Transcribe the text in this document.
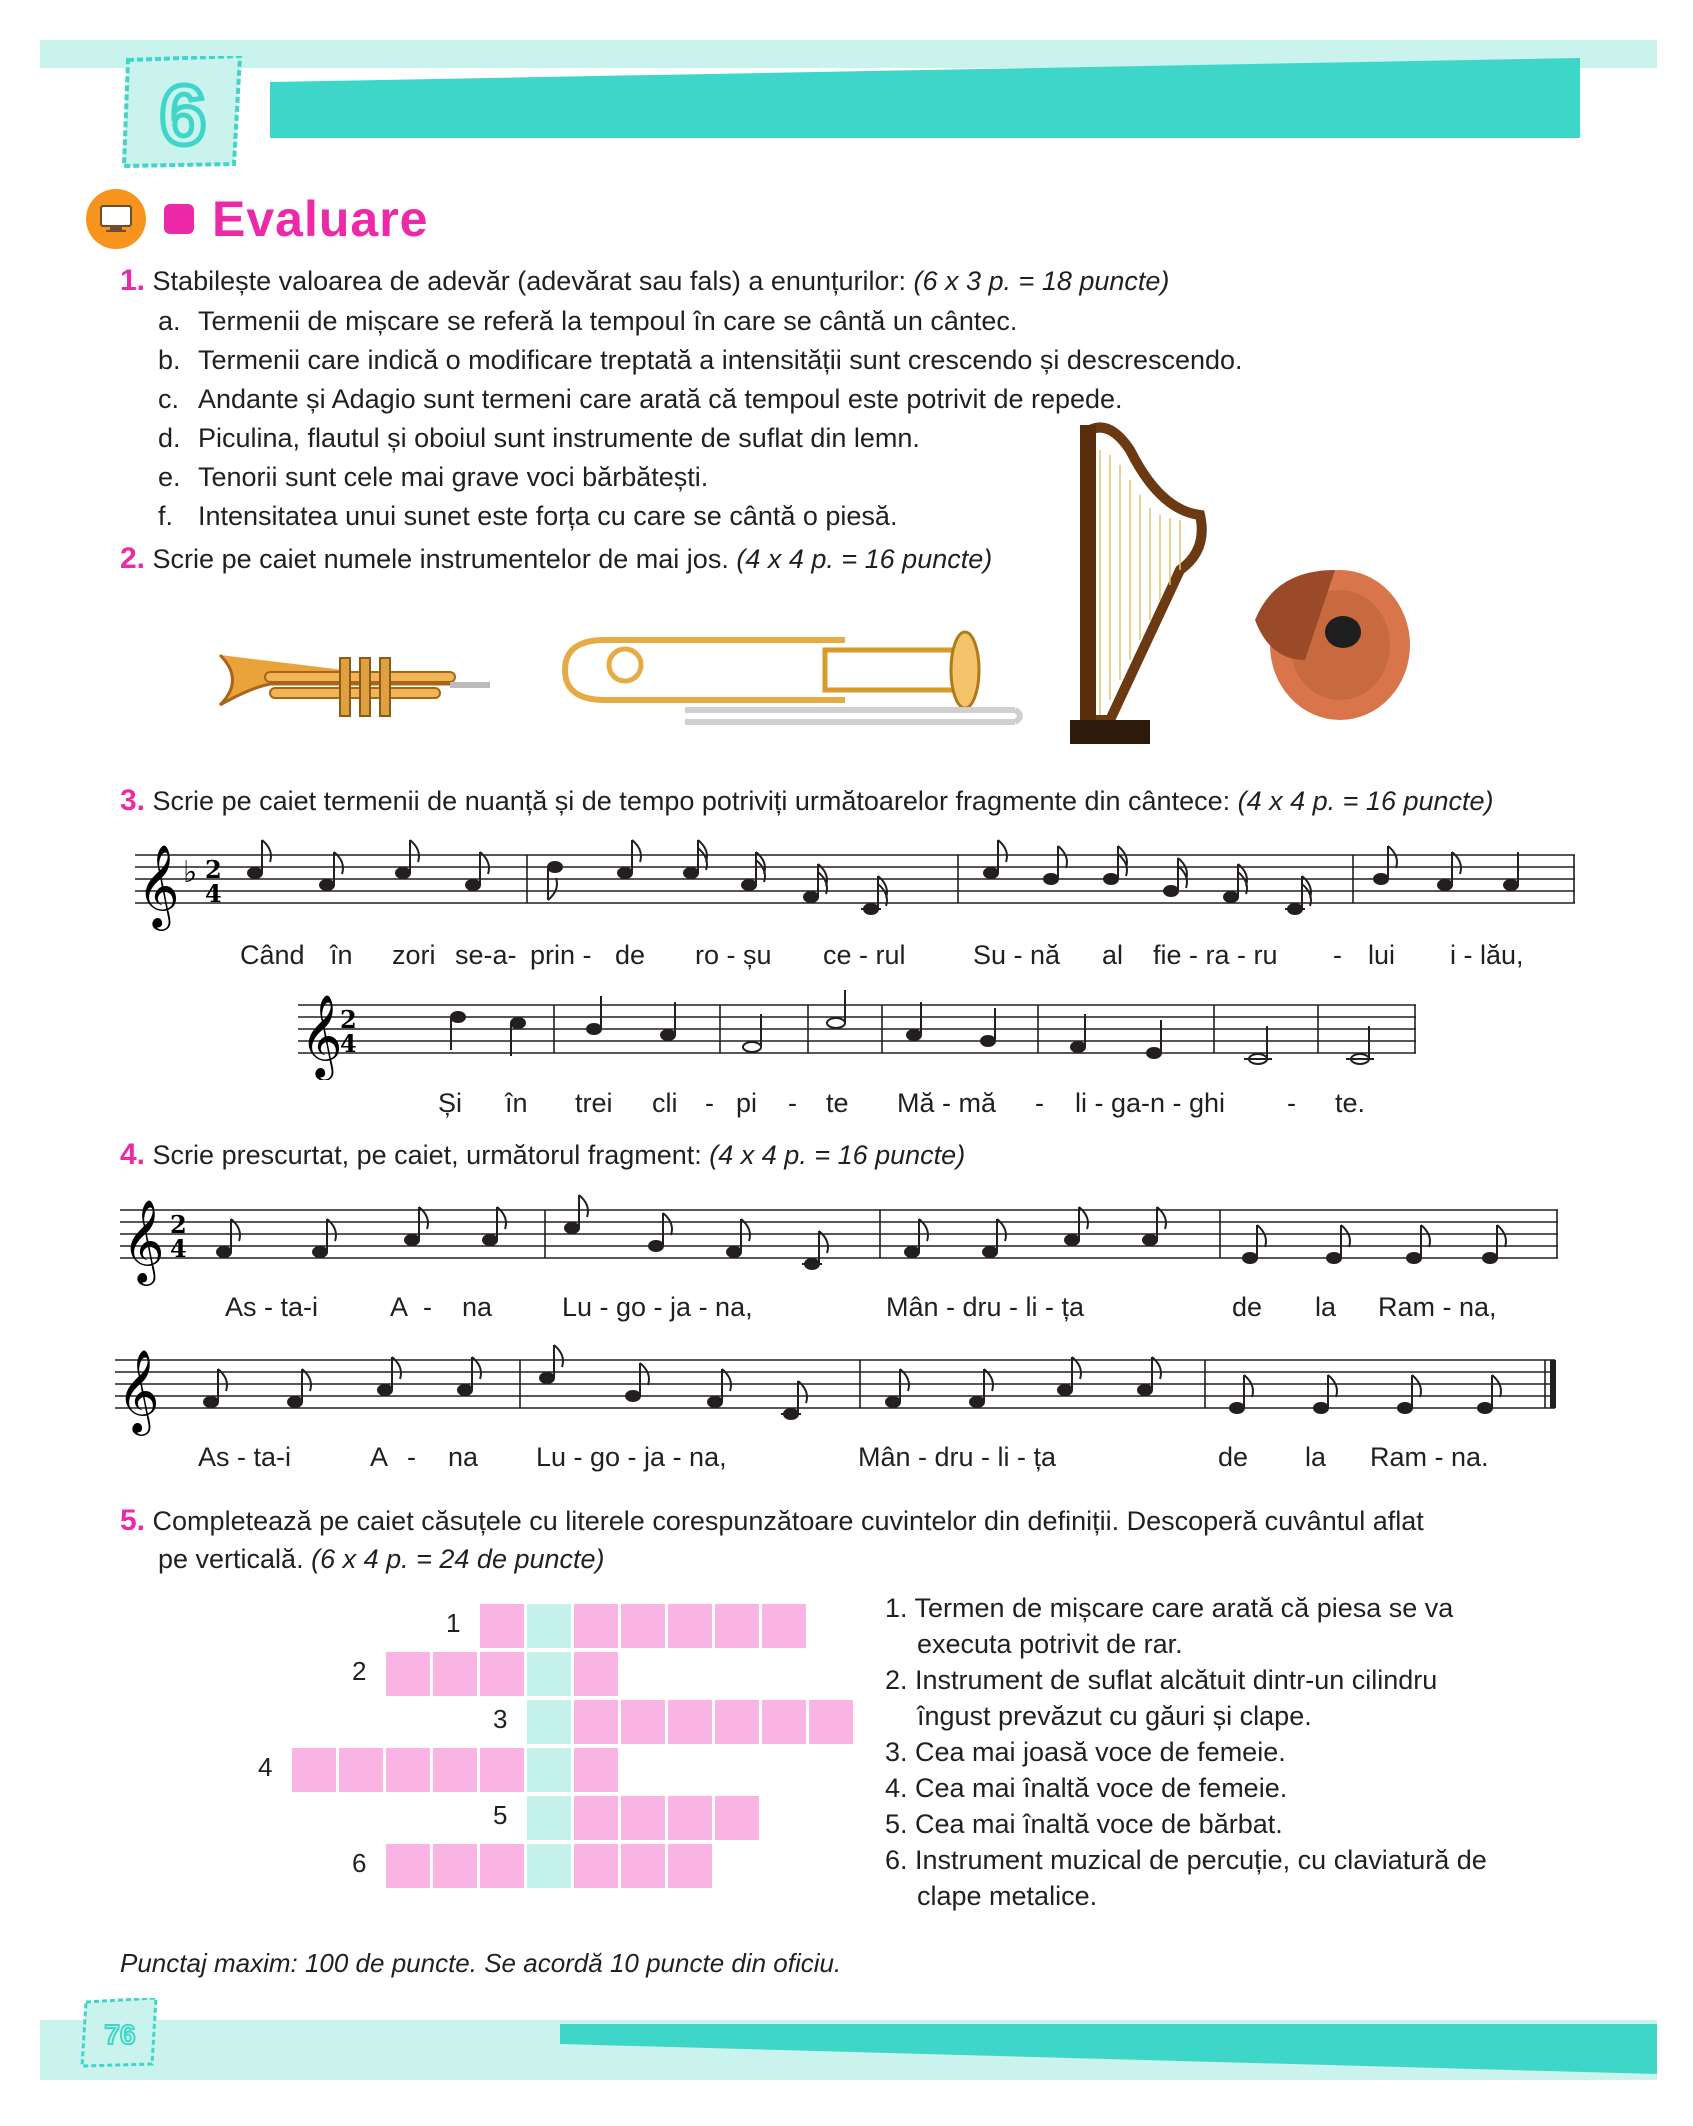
6
Evaluare
1. Stabilește valoarea de adevăr (adevărat sau fals) a enunțurilor: (6 x 3 p. = 18 puncte)
a. Termenii de mișcare se referă la tempoul în care se cântă un cântec.
b. Termenii care indică o modificare treptată a intensității sunt crescendo și descrescendo.
c. Andante și Adagio sunt termeni care arată că tempoul este potrivit de repede.
d. Piculina, flautul și oboiul sunt instrumente de suflat din lemn.
e. Tenorii sunt cele mai grave voci bărbătești.
f. Intensitatea unui sunet este forța cu care se cântă o piesă.
2. Scrie pe caiet numele instrumentelor de mai jos. (4 x 4 p. = 16 puncte)
3. Scrie pe caiet termenii de nuanță și de tempo potriviți următoarelor fragmente din cântece: (4 x 4 p. = 16 puncte)
𝄞 ♭ 2
4
Când în zori se-a- prin - de ro - șu ce - rul Su - nă al fie - ra - ru - lui i - lău,
𝄞
2
4
Și în trei cli - pi - te Mă - mă - li - ga-n - ghi - te.
4. Scrie prescurtat, pe caiet, următorul fragment: (4 x 4 p. = 16 puncte)
𝄞 2
4
As - ta-i	A - na	Lu - go - ja - na,	Mân - dru - li - ța	de la Ram - na,
𝄞
As - ta-i	A - na Lu - go - ja - na,	Mân - dru - li - ța	de la Ram - na.
5. Completează pe caiet căsuțele cu literele corespunzătoare cuvintelor din definiții. Descoperă cuvântul aflat
pe verticală. (6 x 4 p. = 24 de puncte)
1
2
3
4
5
6
1. Termen de mișcare care arată că piesa se va executa potrivit de rar.
2. Instrument de suflat alcătuit dintr-un cilindru îngust prevăzut cu găuri și clape.
3. Cea mai joasă voce de femeie.
4. Cea mai înaltă voce de femeie.
5. Cea mai înaltă voce de bărbat.
6. Instrument muzical de percuție, cu claviatură de clape metalice.
Punctaj maxim: 100 de puncte. Se acordă 10 puncte din oficiu.
76
